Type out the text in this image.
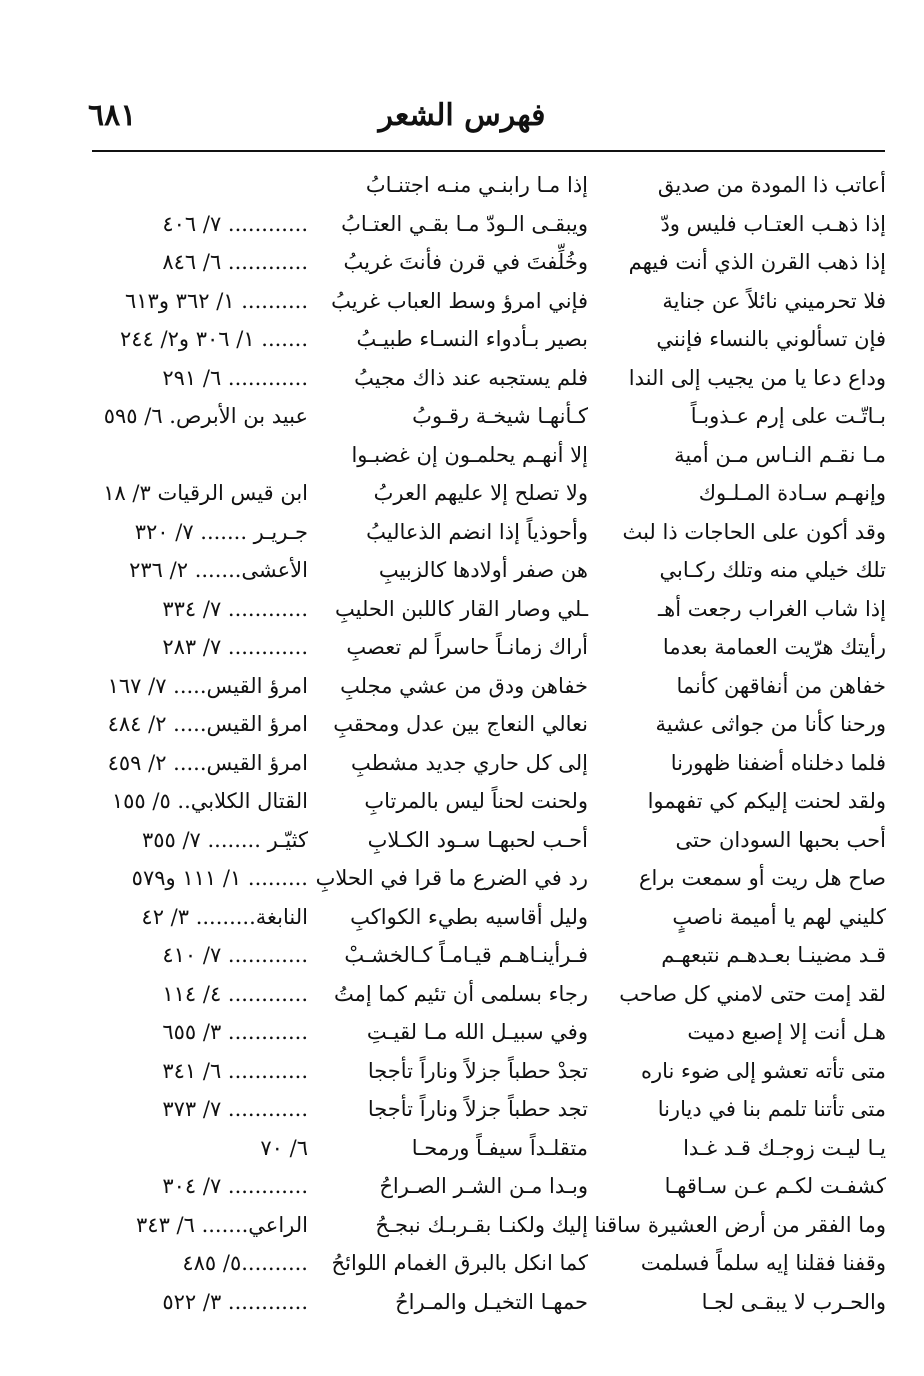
٦٨١	فهرس الشعر
أعاتب ذا المودة من صديق
إذا مـا رابنـي منـه اجتنـابُ
إذا ذهـب العتـاب فليس ودّ
ويبقـى الـودّ مـا بقـي العتـابُ
............ ٧/ ٤٠٦
إذا ذهب القرن الذي أنت فيهم
وخُلِّفتَ في قرن فأنتَ غريبُ
............ ٦/ ٨٤٦
فلا تحرميني نائلاً عن جناية
فإني امرؤ وسط العباب غريبُ
.......... ١/ ٣٦٢ و٦١٣
فإن تسألوني بالنساء فإنني
بصير بـأدواء النسـاء طبيـبُ
....... ١/ ٣٠٦ و٢/ ٢٤٤
وداع دعا يا من يجيب إلى الندا
فلم يستجبه عند ذاك مجيبُ
............ ٦/ ٢٩١
بـاتّـت على إرم عـذوبـاً
كـأنهـا شيخـة رقـوبُ
عبيد بن الأبرص. ٦/ ٥٩٥
مـا نقـم النـاس مـن أمية
إلا أنهـم يحلمـون إن غضبـوا
وإنهـم سـادة المـلـوك
ولا تصلح إلا عليهم العربُ
ابن قيس الرقيات ٣/ ١٨
وقد أكون على الحاجات ذا لبث
وأحوذياً إذا انضم الذعاليبُ
جـريـر ....... ٧/ ٣٢٠
تلك خيلي منه وتلك ركـابي
هن صفر أولادها كالزبيبِ
الأعشى....... ٢/ ٢٣٦
إذا شاب الغراب رجعت أهـ
ـلي وصار القار كاللبن الحليبِ
............ ٧/ ٣٣٤
رأيتك هرّيت العمامة بعدما
أراك زمانـاً حاسراً لم تعصبِ
............ ٧/ ٢٨٣
خفاهن من أنفاقهن كأنما
خفاهن ودق من عشي مجلبِ
امرؤ القيس..... ٧/ ١٦٧
ورحنا كأنا من جواثى عشية
نعالي النعاج بين عدل ومحقبِ
امرؤ القيس..... ٢/ ٤٨٤
فلما دخلناه أضفنا ظهورنا
إلى كل حاري جديد مشطبِ
امرؤ القيس..... ٢/ ٤٥٩
ولقد لحنت إليكم كي تفهموا
ولحنت لحناً ليس بالمرتابِ
القتال الكلابي.. ٥/ ١٥٥
أحب بحبها السودان حتى
أحـب لحبهـا سـود الكـلابِ
كثيّـر ........ ٧/ ٣٥٥
صاح هل ريت أو سمعت براع
رد في الضرع ما قرا في الحلابِ
......... ١/ ١١١ و٥٧٩
كليني لهم يا أميمة ناصبٍ
وليل أقاسيه بطيء الكواكبِ
النابغة......... ٣/ ٤٢
قـد مضينـا بعـدهـم نتبعهـم
فـرأينـاهـم قيـامـاً كـالخشـبْ
............ ٧/ ٤١٠
لقد إمت حتى لامني كل صاحب
رجاء بسلمى أن تئيم كما إمتُ
............ ٤/ ١١٤
هـل أنت إلا إصبع دميت
وفي سبيـل الله مـا لقيـتِ
............ ٣/ ٦٥٥
متى تأته تعشو إلى ضوء ناره
تجدْ حطباً جزلاً وناراً تأججا
............ ٦/ ٣٤١
متى تأتنا تلمم بنا في ديارنا
تجد حطباً جزلاً وناراً تأججا
............ ٧/ ٣٧٣
يـا ليـت زوجـك قـد غـدا
متقلـداً سيفـاً ورمحـا
٦/ ٧٠
كشفـت لكـم عـن سـاقهـا
وبـدا مـن الشـر الصـراحُ
............ ٧/ ٣٠٤
وما الفقر من أرض العشيرة ساقنا
إليك ولكنـا بقـربـك نبجـحُ
الراعي....... ٦/ ٣٤٣
وقفنا فقلنا إيه سلماً فسلمت
كما انكل بالبرق الغمام اللوائحُ
..........٥/ ٤٨٥
والحـرب لا يبقـى لجـا
حمهـا التخيـل والمـراحُ
............ ٣/ ٥٢٢
